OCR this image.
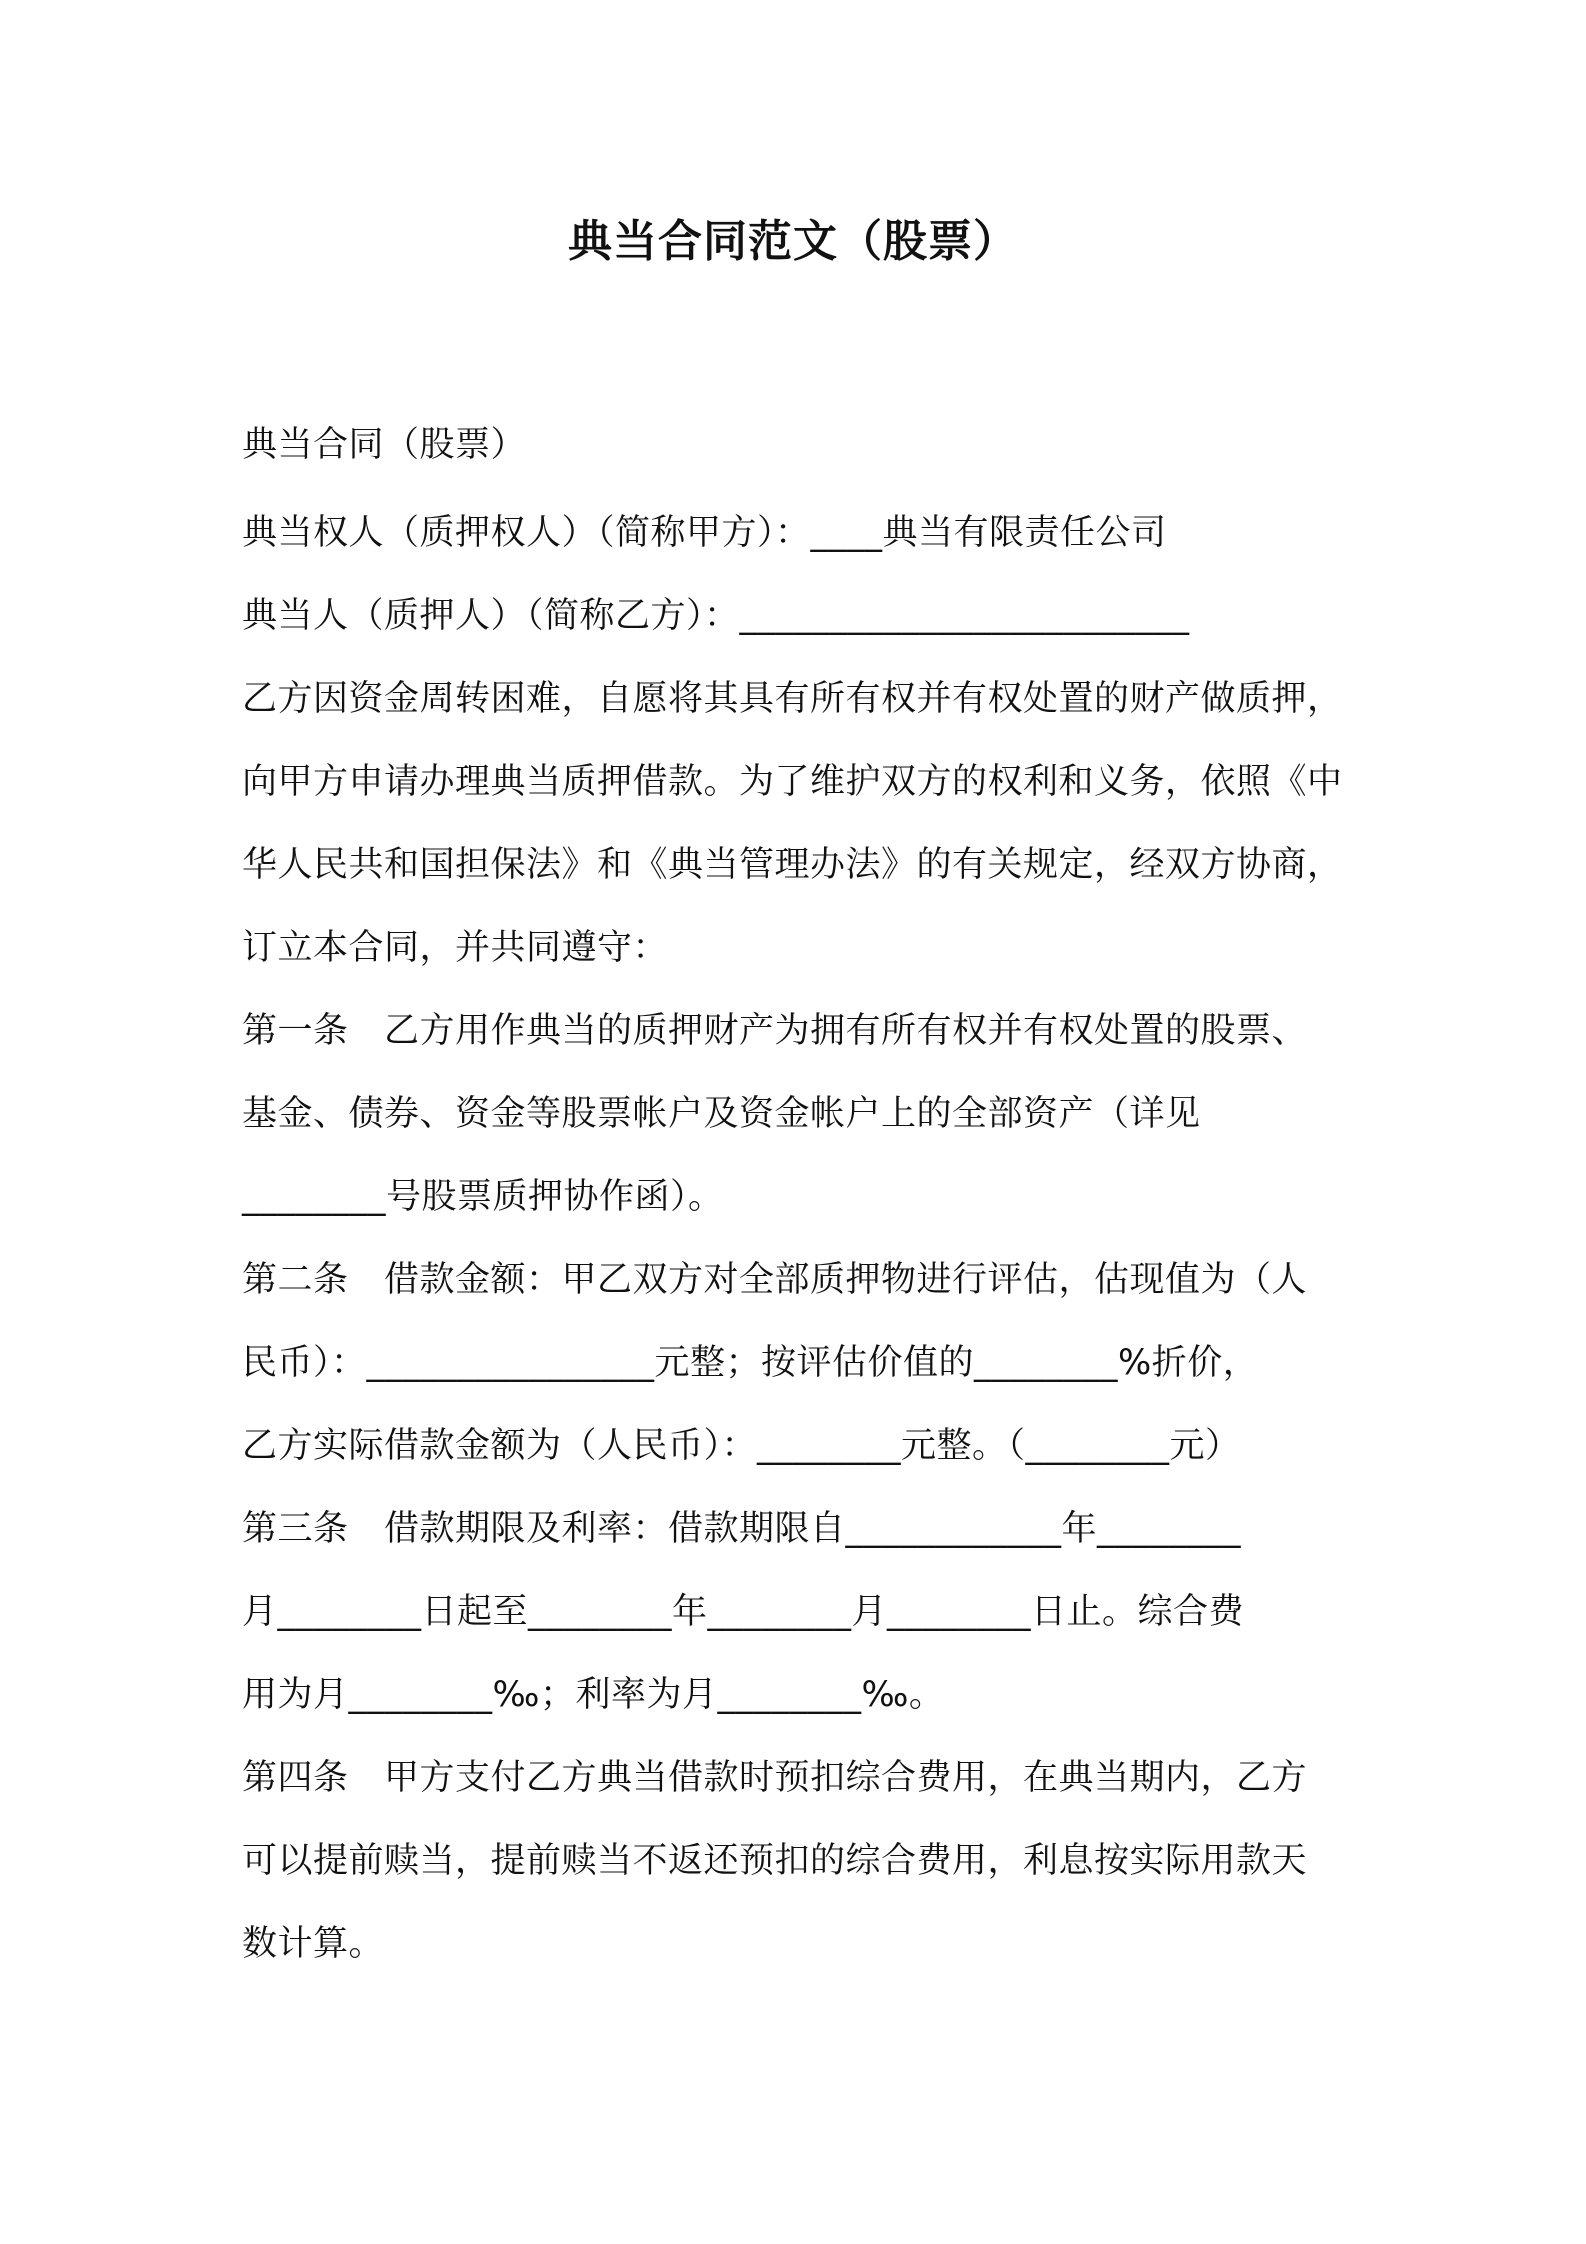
典当合同范文（股票）
典当合同（股票）
典当权人（质押权人）（简称甲方）：____典当有限责任公司
典当人（质押人）（简称乙方）：_________________________
乙方因资金周转困难，自愿将其具有所有权并有权处置的财产做质押，
向甲方申请办理典当质押借款。为了维护双方的权利和义务，依照《中
华人民共和国担保法》和《典当管理办法》的有关规定，经双方协商，
订立本合同，并共同遵守：
第一条　乙方用作典当的质押财产为拥有所有权并有权处置的股票、
基金、债券、资金等股票帐户及资金帐户上的全部资产（详见
________号股票质押协作函）。
第二条　借款金额：甲乙双方对全部质押物进行评估，估现值为（人
民币）：________________元整；按评估价值的________%折价，
乙方实际借款金额为（人民币）：________元整。（________元）
第三条　借款期限及利率：借款期限自____________年________
月________日起至________年________月________日止。综合费
用为月________‰；利率为月________‰。
第四条　甲方支付乙方典当借款时预扣综合费用，在典当期内，乙方
可以提前赎当，提前赎当不返还预扣的综合费用，利息按实际用款天
数计算。
